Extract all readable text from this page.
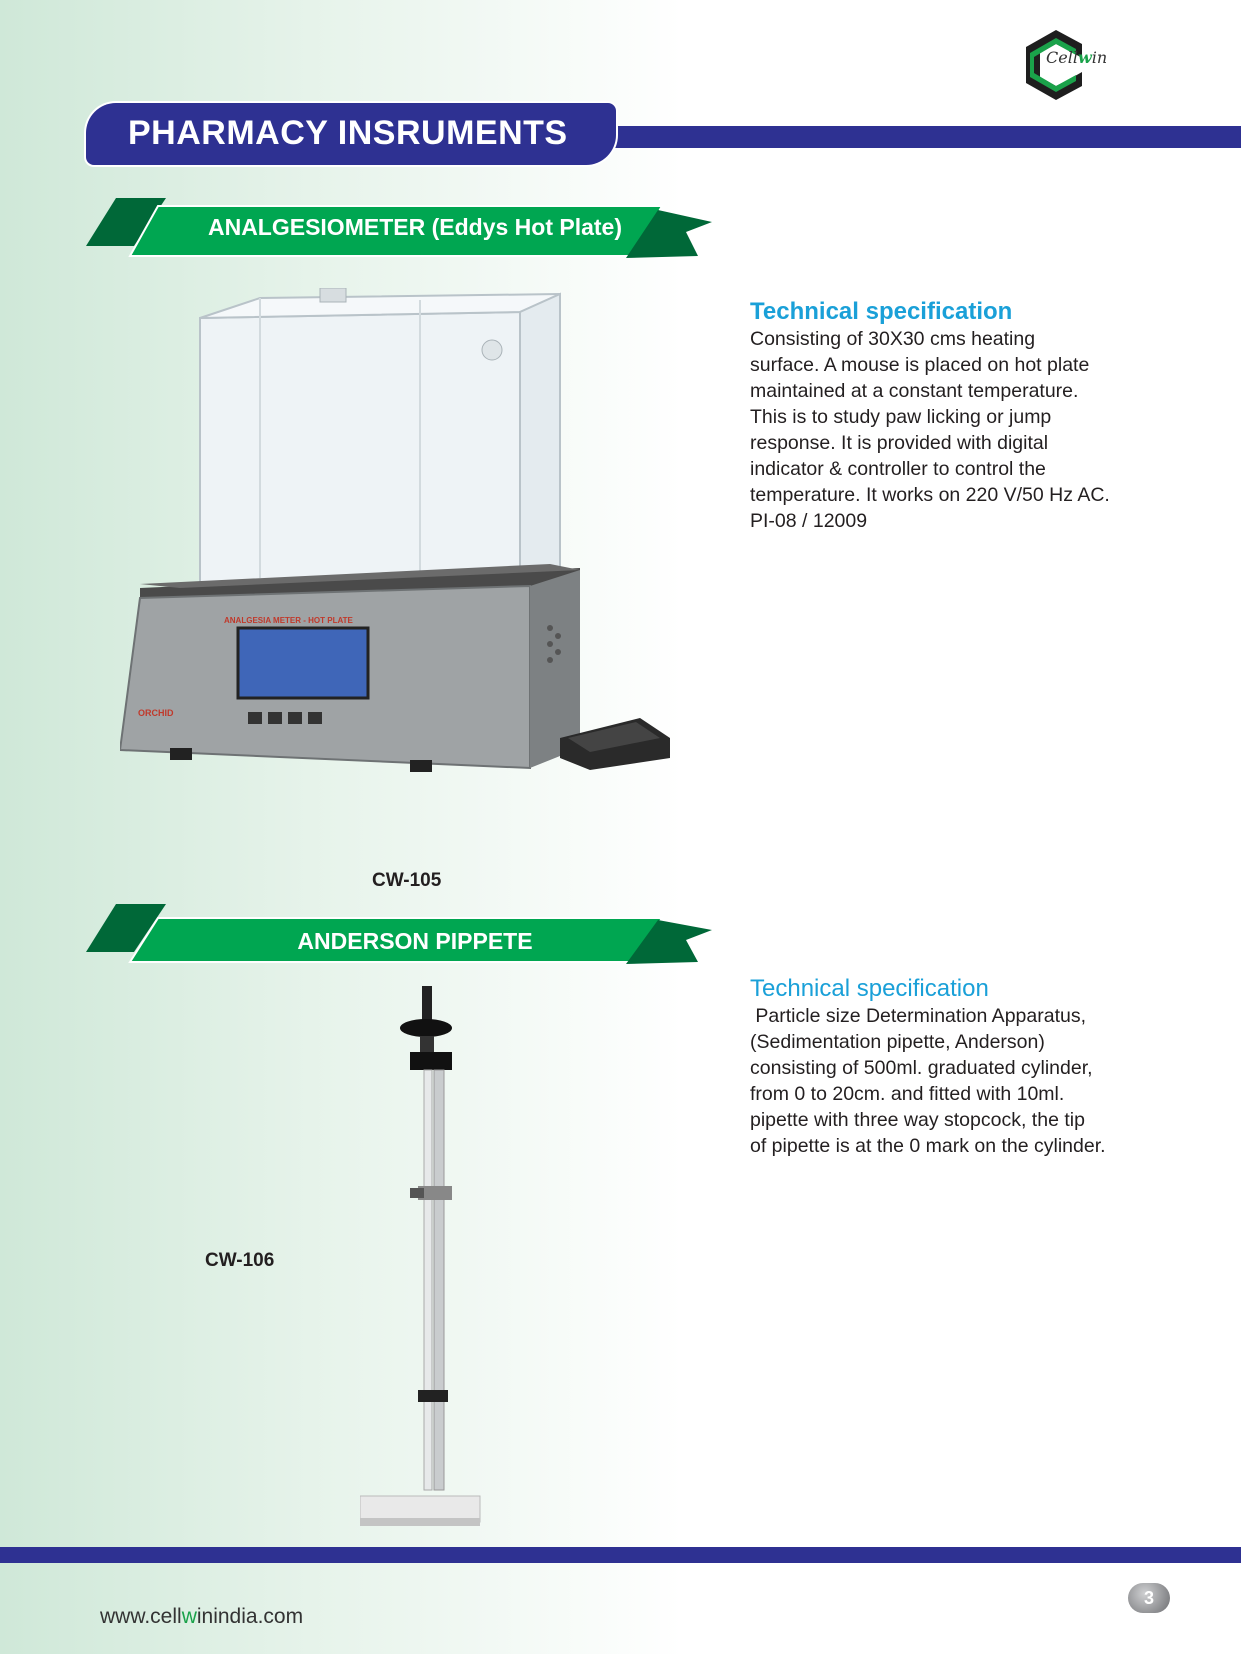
Cellwin
PHARMACY INSRUMENTS
ANALGESIOMETER (Eddys Hot Plate)
ANALGESIA METER - HOT PLATE
ORCHID
Technical specification
Consisting of 30X30 cms heating
surface. A mouse is placed on hot plate
maintained at a constant temperature.
This is to study paw licking or jump
response. It is provided with digital
indicator & controller to control the
temperature. It works on 220 V/50 Hz AC.
PI-08 / 12009
CW-105
ANDERSON PIPPETE
Technical specification
Particle size Determination Apparatus,
(Sedimentation pipette, Anderson)
consisting of 500ml. graduated cylinder,
from 0 to 20cm. and fitted with 10ml.
pipette with three way stopcock, the tip
of pipette is at the 0 mark on the cylinder.
CW-106
www.cellwinindia.com
3
